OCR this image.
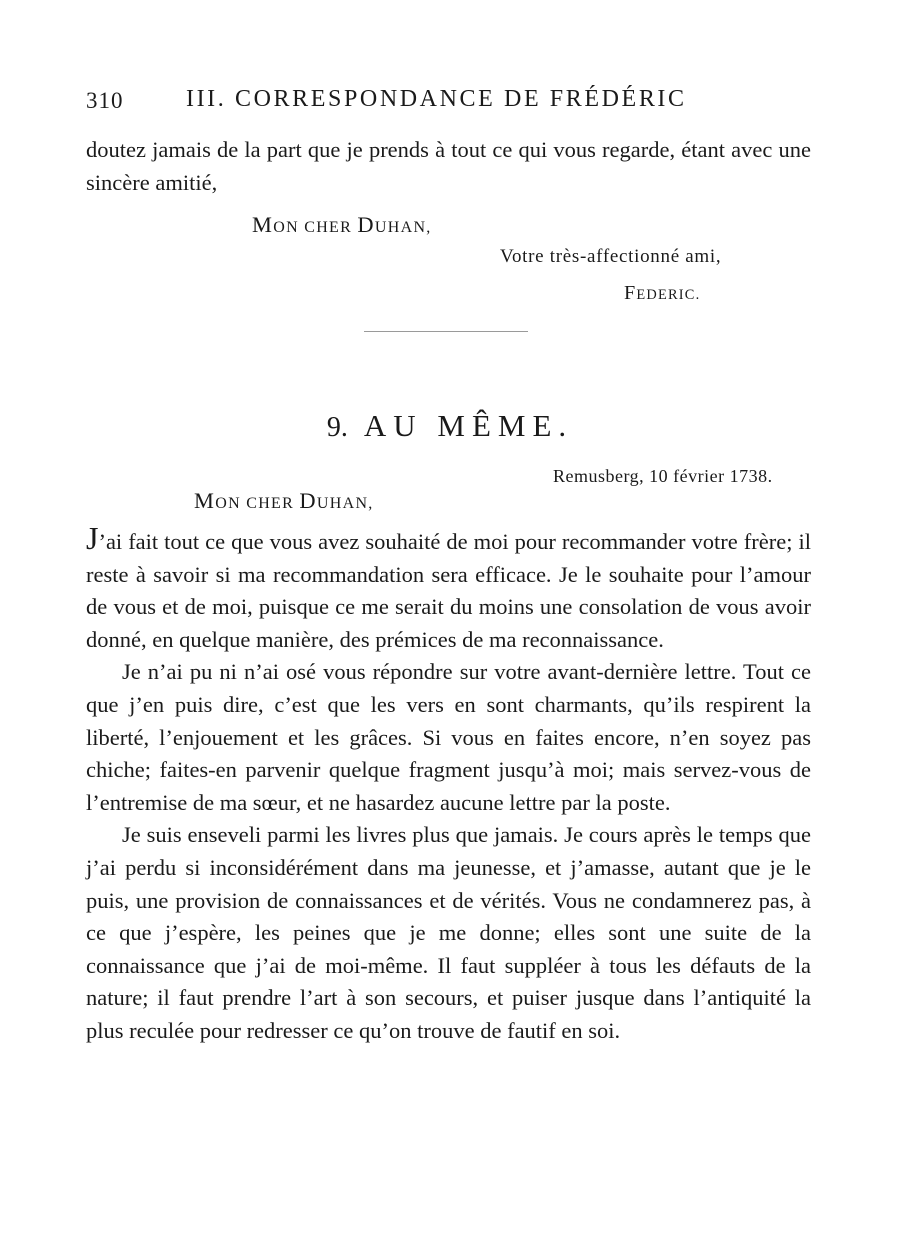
310	III. CORRESPONDANCE DE FRÉDÉRIC

doutez jamais de la part que je prends à tout ce qui vous regarde, étant avec une sincère amitié,

MON CHER DUHAN,
Votre très-affectionné ami,
FEDERIC.
9. AU MÊME.
Remusberg, 10 février 1738.
MON CHER DUHAN,

J’ai fait tout ce que vous avez souhaité de moi pour recommander votre frère; il reste à savoir si ma recommandation sera efficace. Je le souhaite pour l’amour de vous et de moi, puisque ce me serait du moins une consolation de vous avoir donné, en quelque manière, des prémices de ma reconnaissance.

Je n’ai pu ni n’ai osé vous répondre sur votre avant-dernière lettre. Tout ce que j’en puis dire, c’est que les vers en sont charmants, qu’ils respirent la liberté, l’enjouement et les grâces. Si vous en faites encore, n’en soyez pas chiche; faites-en parvenir quelque fragment jusqu’à moi; mais servez-vous de l’entremise de ma sœur, et ne hasardez aucune lettre par la poste.

Je suis enseveli parmi les livres plus que jamais. Je cours après le temps que j’ai perdu si inconsidérément dans ma jeunesse, et j’amasse, autant que je le puis, une provision de connaissances et de vérités. Vous ne condamnerez pas, à ce que j’espère, les peines que je me donne; elles sont une suite de la connaissance que j’ai de moi-même. Il faut suppléer à tous les défauts de la nature; il faut prendre l’art à son secours, et puiser jusque dans l’antiquité la plus reculée pour redresser ce qu’on trouve de fautif en soi.
